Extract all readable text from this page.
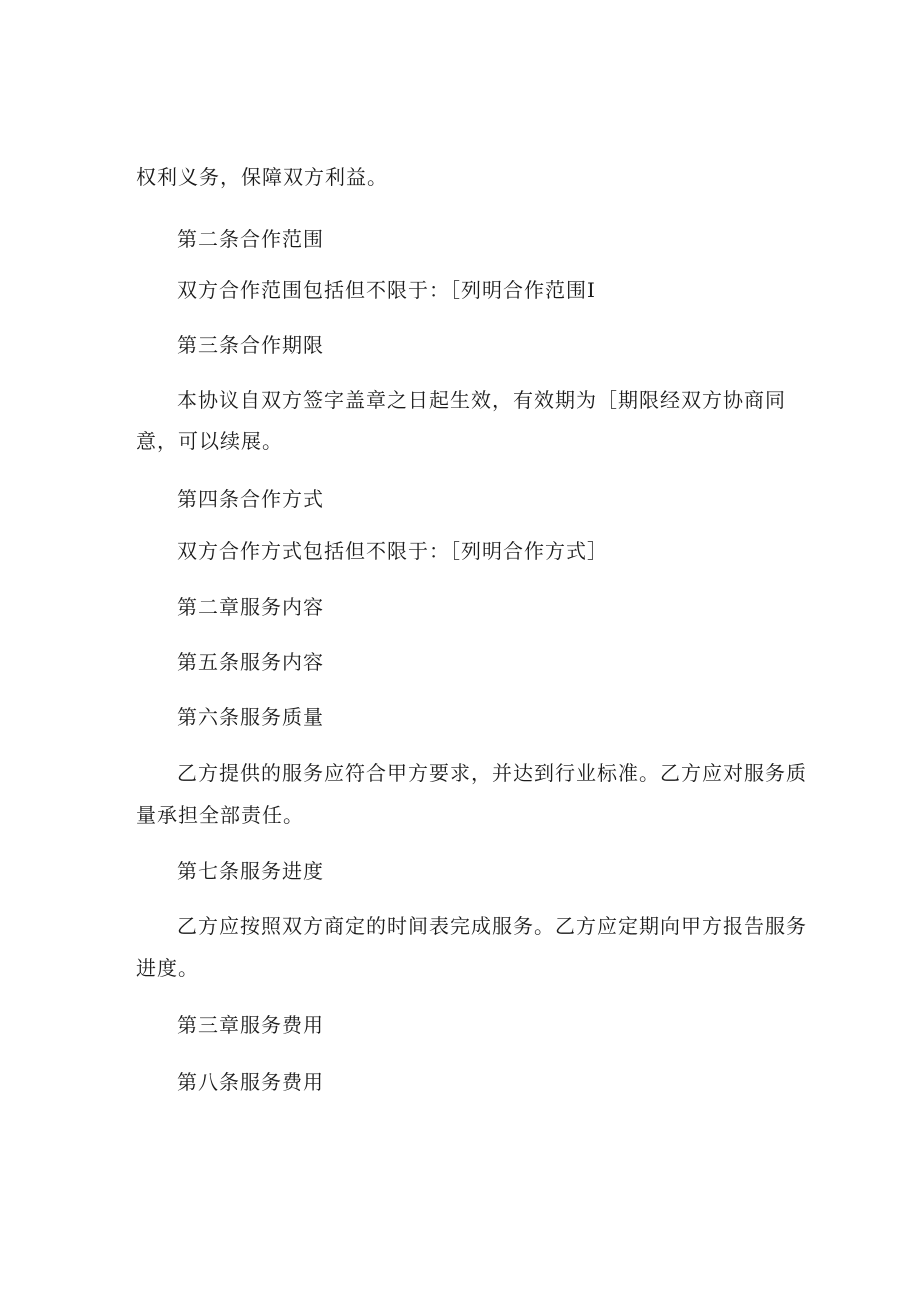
权利义务，保障双方利益。
第二条合作范围
双方合作范围包括但不限于：［列明合作范围Ⅰ
第三条合作期限
本协议自双方签字盖章之日起生效，有效期为［期限经双方协商同
意，可以续展。
第四条合作方式
双方合作方式包括但不限于：［列明合作方式］
第二章服务内容
第五条服务内容
第六条服务质量
乙方提供的服务应符合甲方要求，并达到行业标准。乙方应对服务质
量承担全部责任。
第七条服务进度
乙方应按照双方商定的时间表完成服务。乙方应定期向甲方报告服务
进度。
第三章服务费用
第八条服务费用
